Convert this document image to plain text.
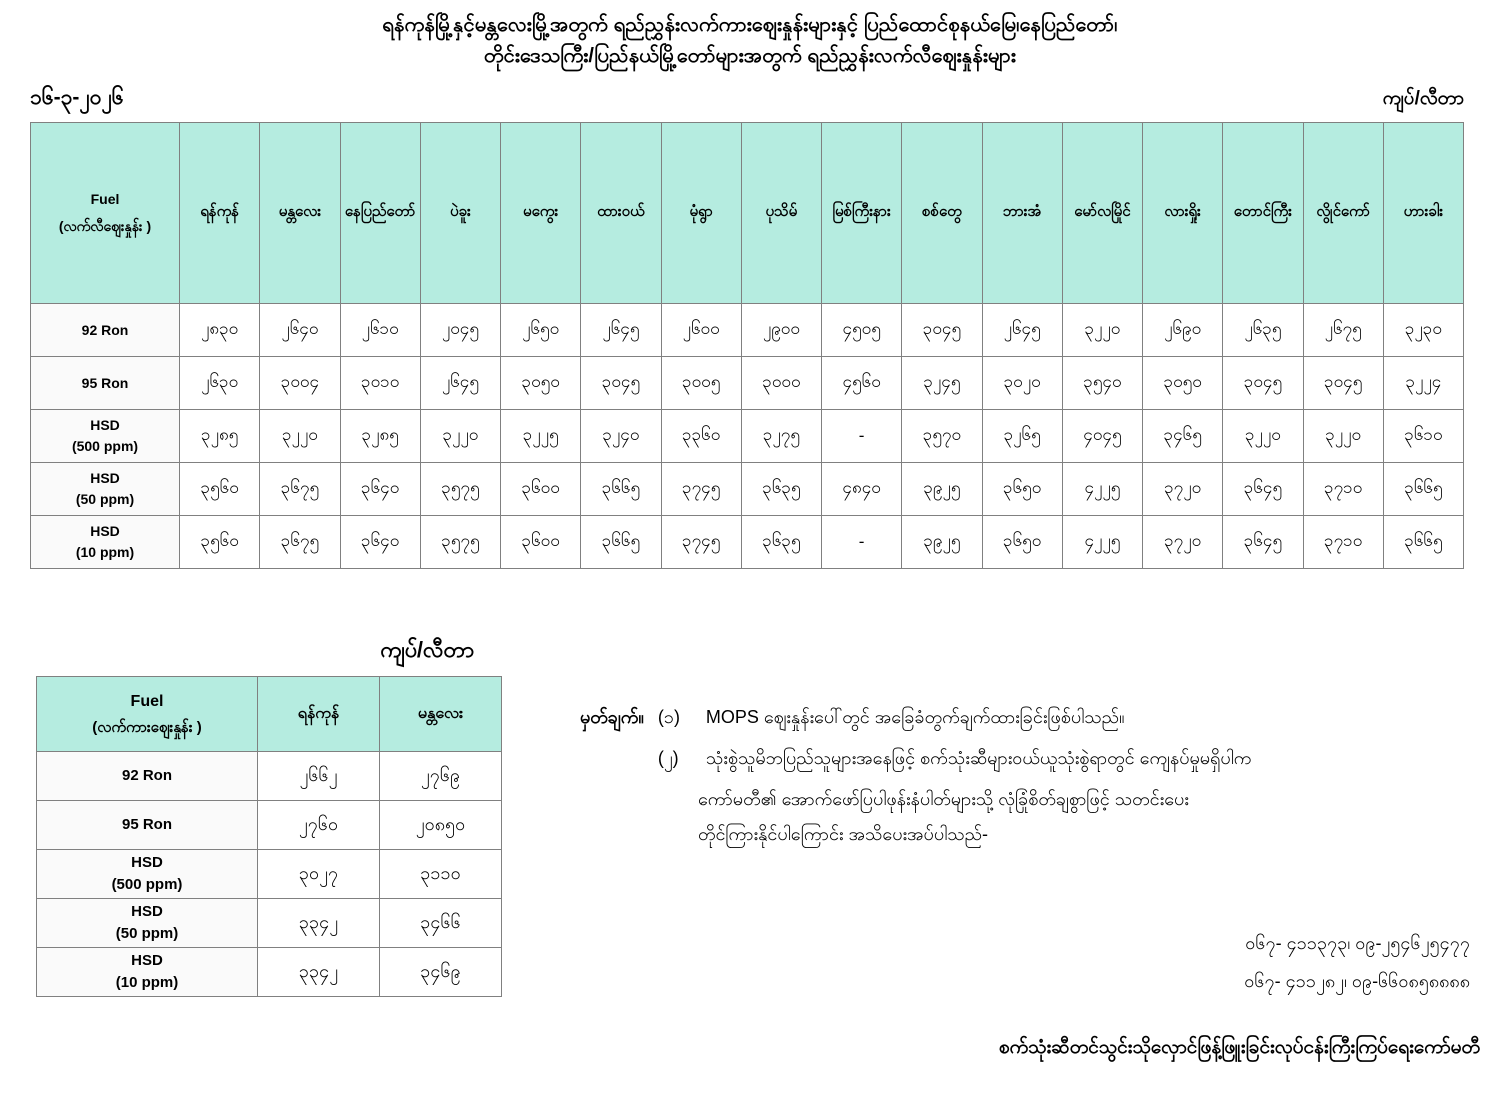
ရန်ကုန်မြို့နှင့်မန္တလေးမြို့အတွက် ရည်ညွှန်းလက်ကားဈေးနှုန်းများနှင့် ပြည်ထောင်စုနယ်မြေ၊နေပြည်တော်၊
တိုင်းဒေသကြီး/ပြည်နယ်မြို့တော်များအတွက် ရည်ညွှန်းလက်လီဈေးနှုန်းများ
၁၆-၃-၂၀၂၆	ကျပ်/လီတာ
Fuel
(လက်လီဈေးနှုန်း )	ရန်ကုန်	မန္တလေး	နေပြည်တော်	ပဲခူး	မကွေး	ထားဝယ်	မုံရွာ	ပုသိမ်	မြစ်ကြီးနား	စစ်တွေ	ဘားအံ	မော်လမြိုင်	လားရှိုး	တောင်ကြီး	လွိုင်ကော်	ဟားခါး

92 Ron	၂၈၃၀	၂၆၄၀	၂၆၁၀	၂၀၄၅	၂၆၅၀	၂၆၄၅	၂၆၀၀	၂၉၀၀	၄၅၀၅	၃၀၄၅	၂၆၄၅	၃၂၂၀	၂၆၉၀	၂၆၃၅	၂၆၇၅	၃၂၃၀

95 Ron	၂၆၃၀	၃၀၀၄	၃၀၁၀	၂၆၄၅	၃၀၅၀	၃၀၄၅	၃၀၀၅	၃၀၀၀	၄၅၆၀	၃၂၄၅	၃၀၂၀	၃၅၄၀	၃၀၅၀	၃၀၄၅	၃၀၄၅	၃၂၂၄

HSD
(500 ppm)	၃၂၈၅	၃၂၂၀	၃၂၈၅	၃၂၂၀	၃၂၂၅	၃၂၄၀	၃၃၆၀	၃၂၇၅	-	၃၅၇၀	၃၂၆၅	၄၀၄၅	၃၄၆၅	၃၂၂၀	၃၂၂၀	၃၆၁၀

HSD
(50 ppm)	၃၅၆၀	၃၆၇၅	၃၆၄၀	၃၅၇၅	၃၆၀၀	၃၆၆၅	၃၇၄၅	၃၆၃၅	၄၈၄၀	၃၉၂၅	၃၆၅၀	၄၂၂၅	၃၇၂၀	၃၆၄၅	၃၇၁၀	၃၆၆၅

HSD
(10 ppm)	၃၅၆၀	၃၆၇၅	၃၆၄၀	၃၅၇၅	၃၆၀၀	၃၆၆၅	၃၇၄၅	၃၆၃၅	-	၃၉၂၅	၃၆၅၀	၄၂၂၅	၃၇၂၀	၃၆၄၅	၃၇၁၀	၃၆၆၅
ကျပ်/လီတာ
Fuel
(လက်ကားဈေးနှုန်း )	ရန်ကုန်	မန္တလေး

92 Ron	၂၆၆၂	၂၇၆၉

95 Ron	၂၇၆၀	၂၀၈၅၀

HSD
(500 ppm)	၃၀၂၇	၃၁၁၀

HSD
(50 ppm)	၃၃၄၂	၃၄၆၆

HSD
(10 ppm)	၃၃၄၂	၃၄၆၉
မှတ်ချက်။ (၁)	MOPS ဈေးနှုန်းပေါ်တွင် အခြေခံတွက်ချက်ထားခြင်းဖြစ်ပါသည်။
(၂)	သုံးစွဲသူမိဘပြည်သူများအနေဖြင့် စက်သုံးဆီများဝယ်ယူသုံးစွဲရာတွင် ကျေနပ်မှုမရှိပါက
ကော်မတီ၏ အောက်ဖော်ပြပါဖုန်းနံပါတ်များသို့ လုံခြုံစိတ်ချစွာဖြင့် သတင်းပေး
တိုင်ကြားနိုင်ပါကြောင်း အသိပေးအပ်ပါသည်-
၀၆၇- ၄၁၁၃၇၃၊ ၀၉-၂၅၄၆၂၅၄၇၇
၀၆၇- ၄၁၁၂၈၂၊ ၀၉-၆၆၀၈၅၈၈၈၈
စက်သုံးဆီတင်သွင်းသိုလှောင်ဖြန့်ဖြူးခြင်းလုပ်ငန်းကြီးကြပ်ရေးကော်မတီ
